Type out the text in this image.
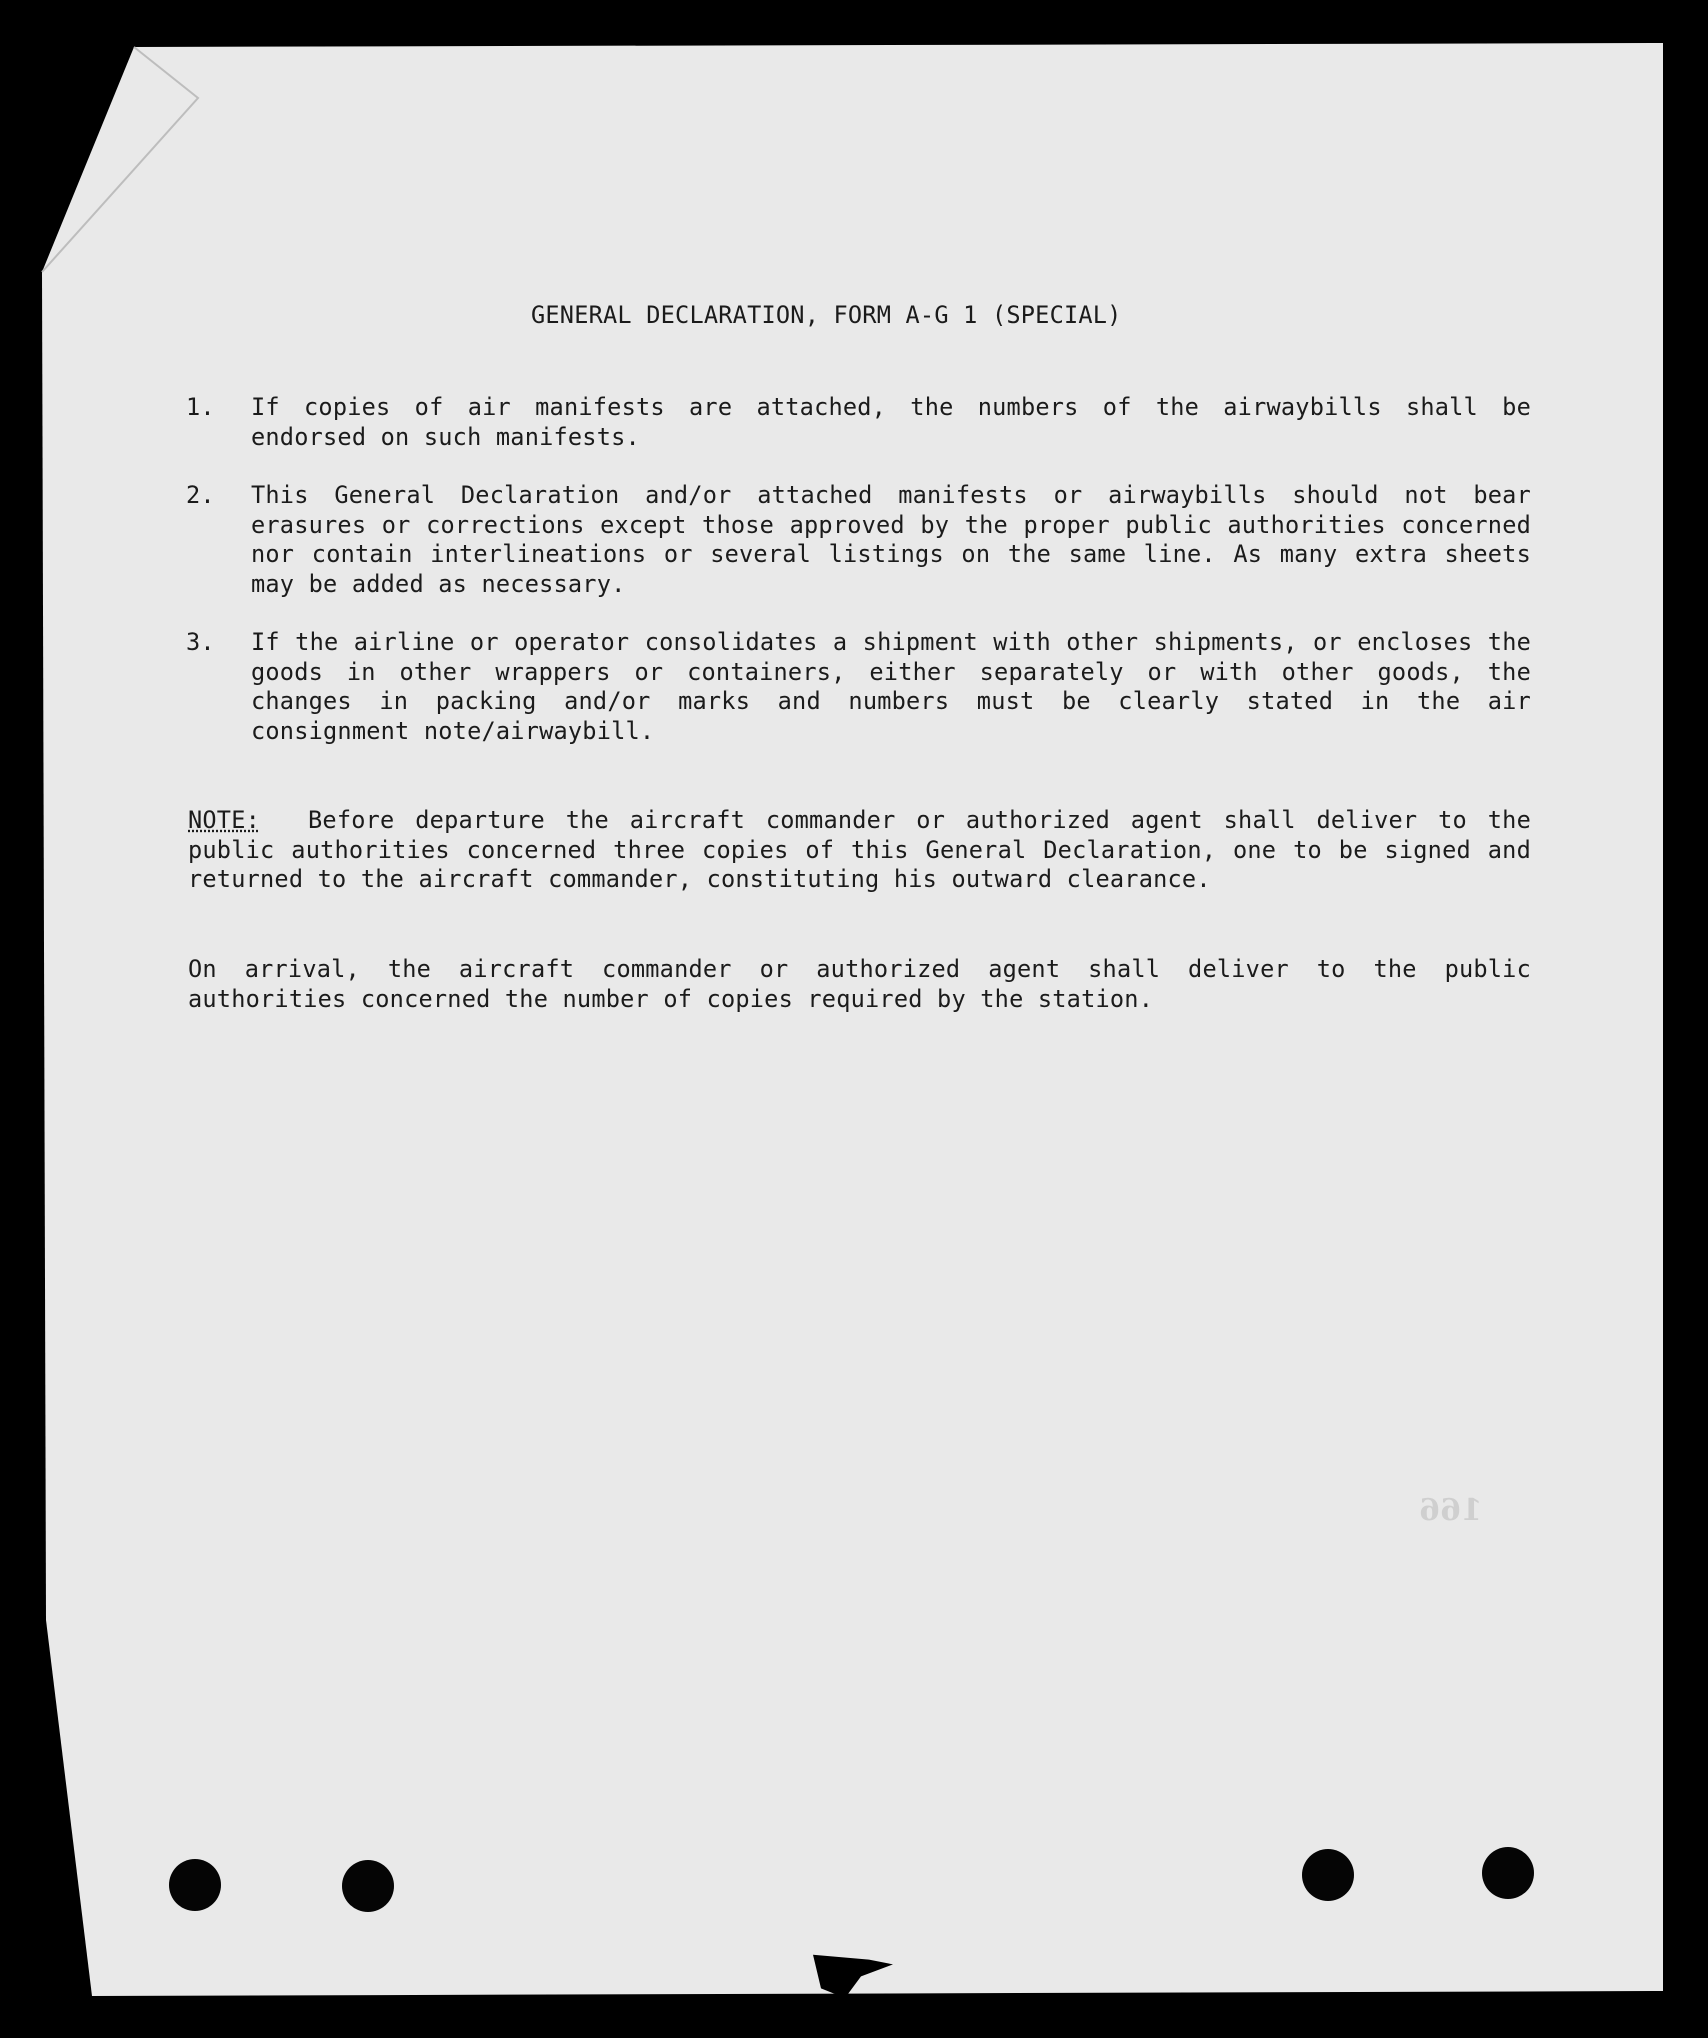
GENERAL DECLARATION, FORM A-G 1 (SPECIAL)
1.	If copies of air manifests are attached, the numbers of the airwaybills shall be endorsed on such manifests.
2.	This General Declaration and/or attached manifests or airwaybills should not bear erasures or corrections except those approved by the proper public authorities concerned nor contain interlineations or several listings on the same line. As many extra sheets may be added as necessary.
3.	If the airline or operator consolidates a shipment with other shipments, or encloses the goods in other wrappers or containers, either separately or with other goods, the changes in packing and/or marks and numbers must be clearly stated in the air consignment note/airwaybill.
NOTE: Before departure the aircraft commander or authorized agent shall deliver to the public authorities concerned three copies of this General Declaration, one to be signed and returned to the aircraft commander, constituting his outward clearance.
On arrival, the aircraft commander or authorized agent shall deliver to the public authorities concerned the number of copies required by the station.
166
